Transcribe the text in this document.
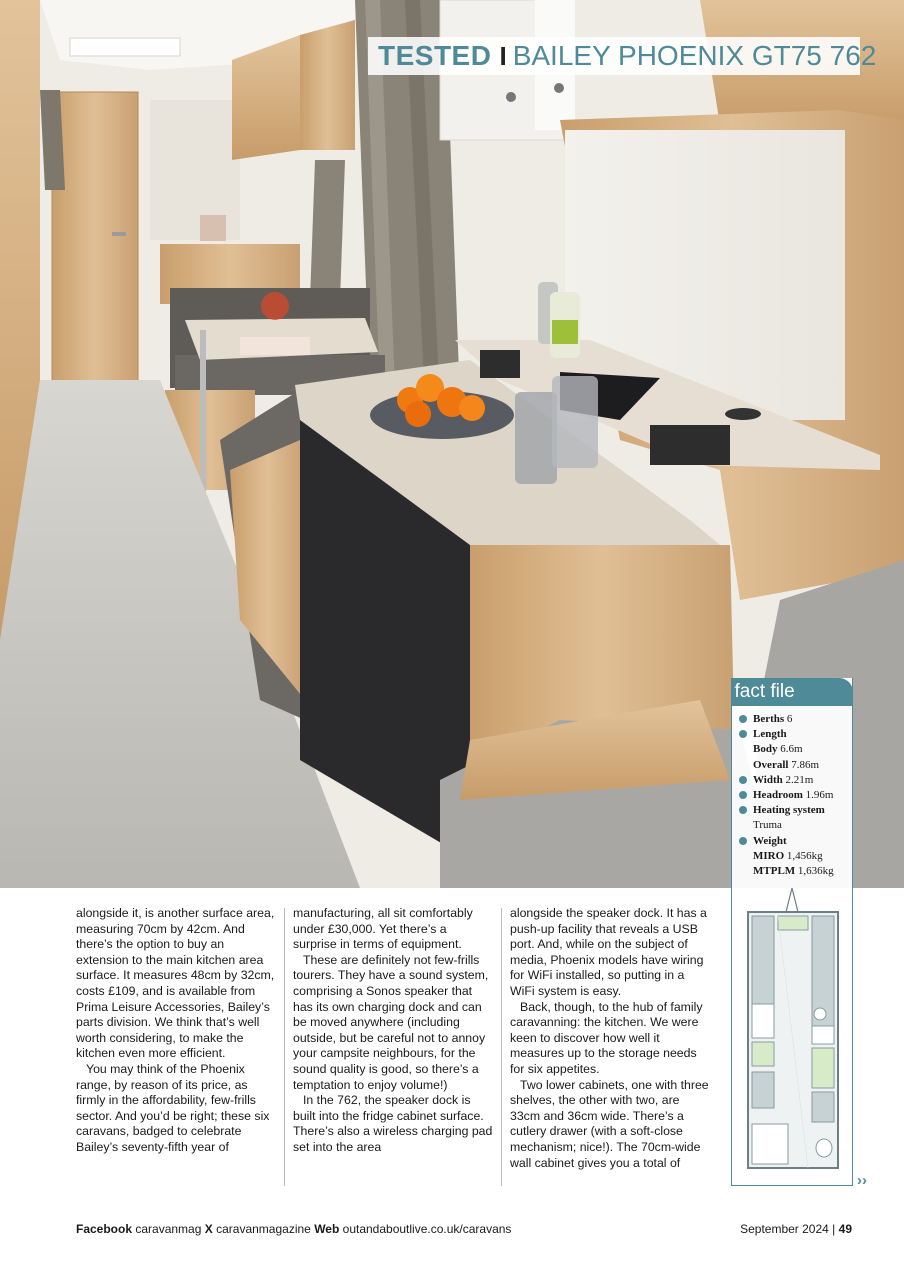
TESTED I BAILEY PHOENIX GT75 762
fact file
Berths 6
Length
Body 6.6m
Overall 7.86m
Width 2.21m
Headroom 1.96m
Heating system
Truma
Weight
MIRO 1,456kg
MTPLM 1,636kg

alongside it, is another surface area, measuring 70cm by 42cm. And there’s the option to buy an extension to the main kitchen area surface. It measures 48cm by 32cm, costs £109, and is available from Prima Leisure Accessories, Bailey’s parts division. We think that’s well worth considering, to make the kitchen even more efficient.

You may think of the Phoenix range, by reason of its price, as firmly in the affordability, few-frills sector. And you’d be right; these six caravans, badged to celebrate Bailey’s seventy-fifth year of

manufacturing, all sit comfortably under £30,000. Yet there’s a surprise in terms of equipment.

These are definitely not few-frills tourers. They have a sound system, comprising a Sonos speaker that has its own charging dock and can be moved anywhere (including outside, but be careful not to annoy your campsite neighbours, for the sound quality is good, so there’s a temptation to enjoy volume!)

In the 762, the speaker dock is built into the fridge cabinet surface. There’s also a wireless charging pad set into the area

alongside the speaker dock. It has a push-up facility that reveals a USB port. And, while on the subject of media, Phoenix models have wiring for WiFi installed, so putting in a WiFi system is easy.

Back, though, to the hub of family caravanning: the kitchen. We were keen to discover how well it measures up to the storage needs for six appetites.

Two lower cabinets, one with three shelves, the other with two, are 33cm and 36cm wide. There’s a cutlery drawer (with a soft-close mechanism; nice!). The 70cm-wide wall cabinet gives you a total of

››
Facebook caravanmag X caravanmagazine Web outandaboutlive.co.uk/caravans	September 2024 | 49
